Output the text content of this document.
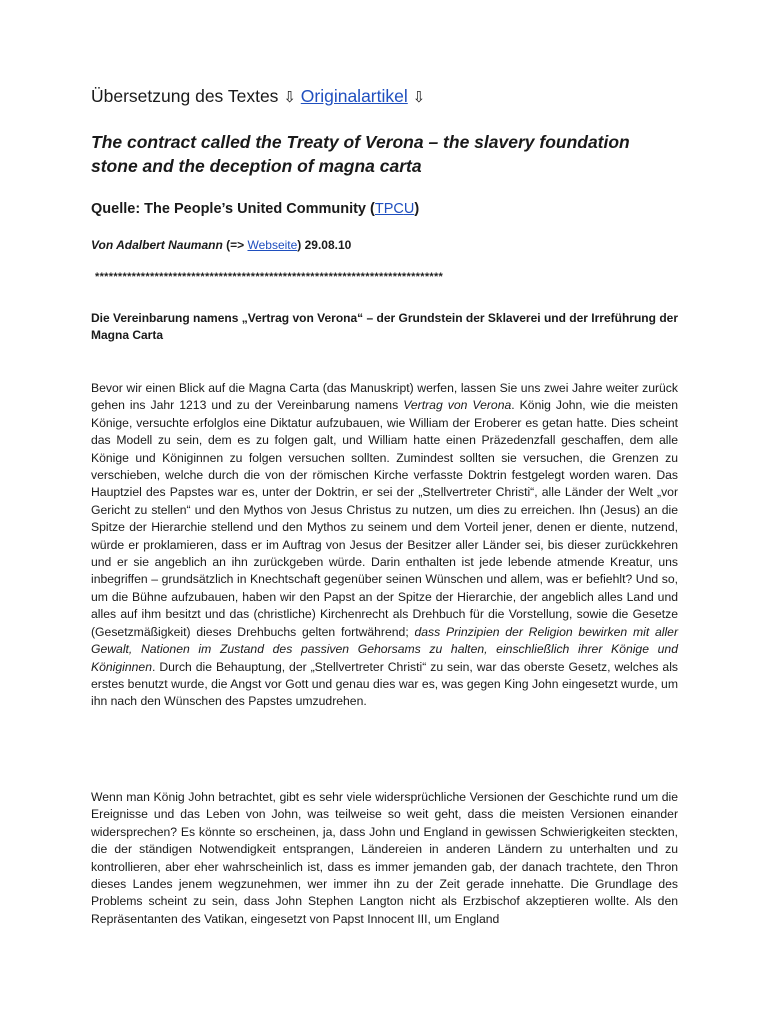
Übersetzung des Textes ⇩ Originalartikel ⇩
The contract called the Treaty of Verona – the slavery foundation stone and the deception of magna carta
Quelle: The People’s United Community (TPCU)
Von Adalbert Naumann (=> Webseite) 29.08.10
****************************************************************************
Die Vereinbarung namens „Vertrag von Verona“ – der Grundstein der Sklaverei und der Irreführung der Magna Carta
Bevor wir einen Blick auf die Magna Carta (das Manuskript) werfen, lassen Sie uns zwei Jahre weiter zurück gehen ins Jahr 1213 und zu der Vereinbarung namens Vertrag von Verona. König John, wie die meisten Könige, versuchte erfolglos eine Diktatur aufzubauen, wie William der Eroberer es getan hatte. Dies scheint das Modell zu sein, dem es zu folgen galt, und William hatte einen Präzedenzfall geschaffen, dem alle Könige und Königinnen zu folgen versuchen sollten. Zumindest sollten sie versuchen, die Grenzen zu verschieben, welche durch die von der römischen Kirche verfasste Doktrin festgelegt worden waren. Das Hauptziel des Papstes war es, unter der Doktrin, er sei der „Stellvertreter Christi“, alle Länder der Welt „vor Gericht zu stellen“ und den Mythos von Jesus Christus zu nutzen, um dies zu erreichen. Ihn (Jesus) an die Spitze der Hierarchie stellend und den Mythos zu seinem und dem Vorteil jener, denen er diente, nutzend, würde er proklamieren, dass er im Auftrag von Jesus der Besitzer aller Länder sei, bis dieser zurückkehren und er sie angeblich an ihn zurückgeben würde. Darin enthalten ist jede lebende atmende Kreatur, uns inbegriffen – grundsätzlich in Knechtschaft gegenüber seinen Wünschen und allem, was er befiehlt? Und so, um die Bühne aufzubauen, haben wir den Papst an der Spitze der Hierarchie, der angeblich alles Land und alles auf ihm besitzt und das (christliche) Kirchenrecht als Drehbuch für die Vorstellung, sowie die Gesetze (Gesetzmäßigkeit) dieses Drehbuchs gelten fortwährend; dass Prinzipien der Religion bewirken mit aller Gewalt, Nationen im Zustand des passiven Gehorsams zu halten, einschließlich ihrer Könige und Königinnen. Durch die Behauptung, der „Stellvertreter Christi“ zu sein, war das oberste Gesetz, welches als erstes benutzt wurde, die Angst vor Gott und genau dies war es, was gegen King John eingesetzt wurde, um ihn nach den Wünschen des Papstes umzudrehen.
Wenn man König John betrachtet, gibt es sehr viele widersprüchliche Versionen der Geschichte rund um die Ereignisse und das Leben von John, was teilweise so weit geht, dass die meisten Versionen einander widersprechen? Es könnte so erscheinen, ja, dass John und England in gewissen Schwierigkeiten steckten, die der ständigen Notwendigkeit entsprangen, Ländereien in anderen Ländern zu unterhalten und zu kontrollieren, aber eher wahrscheinlich ist, dass es immer jemanden gab, der danach trachtete, den Thron dieses Landes jenem wegzunehmen, wer immer ihn zu der Zeit gerade innehatte. Die Grundlage des Problems scheint zu sein, dass John Stephen Langton nicht als Erzbischof akzeptieren wollte. Als den Repräsentanten des Vatikan, eingesetzt von Papst Innocent III, um England
